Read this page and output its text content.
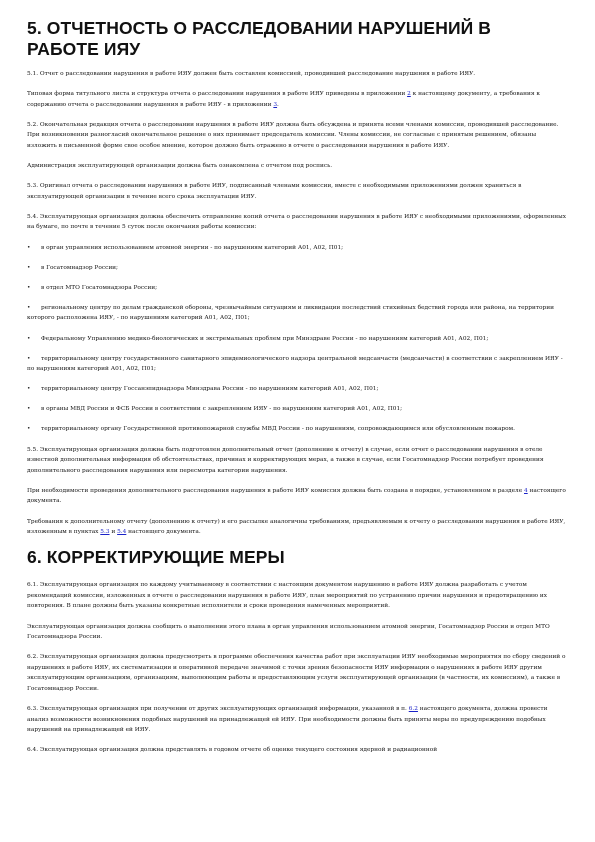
5. ОТЧЕТНОСТЬ О РАССЛЕДОВАНИИ НАРУШЕНИЙ В РАБОТЕ ИЯУ

5.1. Отчет о расследовании нарушения в работе ИЯУ должен быть составлен комиссией, проводившей расследование нарушения в работе ИЯУ.

Типовая форма титульного листа и структура отчета о расследовании нарушения в работе ИЯУ приведены в приложении 2 к настоящему документу, а требования к содержанию отчета о расследовании нарушения в работе ИЯУ - в приложении 3.

5.2. Окончательная редакция отчета о расследовании нарушения в работе ИЯУ должна быть обсуждена и принята всеми членами комиссии, проводившей расследование. При возникновении разногласий окончательное решение о них принимает председатель комиссии. Члены комиссии, не согласные с принятым решением, обязаны изложить в письменной форме свое особое мнение, которое должно быть отражено в отчете о расследовании нарушения в работе ИЯУ.

Администрация эксплуатирующей организации должна быть ознакомлена с отчетом под роспись.

5.3. Оригинал отчета о расследовании нарушения в работе ИЯУ, подписанный членами комиссии, вместе с необходимыми приложениями должен храниться в эксплуатирующей организации в течение всего срока эксплуатации ИЯУ.

5.4. Эксплуатирующая организация должна обеспечить отправление копий отчета о расследовании нарушения в работе ИЯУ с необходимыми приложениями, оформленных на бумаге, по почте в течение 5 суток после окончания работы комиссии:

• в орган управления использованием атомной энергии - по нарушениям категорий А01, А02, П01;

• в Госатомнадзор России;

• в отдел МТО Госатомнадзора России;

• региональному центру по делам гражданской обороны, чрезвычайным ситуациям и ликвидации последствий стихийных бедствий города или района, на территории которого расположена ИЯУ, - по нарушениям категорий А01, А02, П01;

• Федеральному Управлению медико-биологических и экстремальных проблем при Минздраве России - по нарушениям категорий А01, А02, П01;

• территориальному центру государственного санитарного эпидемиологического надзора центральной медсанчасти (медсанчасти) в соответствии с закреплением ИЯУ - по нарушениям категорий А01, А02, П01;

• территориальному центру Госсанэпиднадзора Минздрава России - по нарушениям категорий А01, А02, П01;

• в органы МВД России и ФСБ России в соответствии с закреплением ИЯУ - по нарушениям категорий А01, А02, П01;

• территориальному органу Государственной противопожарной службы МВД России - по нарушениям, сопровождающимся или обусловленным пожаром.

5.5. Эксплуатирующая организация должна быть подготовлен дополнительный отчет (дополнение к отчету) в случае, если отчет о расследовании нарушения в отеле известной дополнительная информация об обстоятельствах, причинах и корректирующих мерах, а также в случае, если Госатомнадзор России потребует проведения дополнительного расследования нарушения или пересмотра категории нарушения.

При необходимости проведения дополнительного расследования нарушения в работе ИЯУ комиссия должна быть создана в порядке, установленном в разделе 4 настоящего документа.

Требования к дополнительному отчету (дополнению к отчету) и его рассылке аналогичны требованиям, предъявляемым к отчету о расследовании нарушения в работе ИЯУ, изложенным в пунктах 5.3 и 5.4 настоящего документа.

6. КОРРЕКТИРУЮЩИЕ МЕРЫ

6.1. Эксплуатирующая организация по каждому учитываемому в соответствии с настоящим документом нарушению в работе ИЯУ должна разработать с учетом рекомендаций комиссии, изложенных в отчете о расследовании нарушения в работе ИЯУ, план мероприятий по устранению причин нарушения и предотвращению их повторения. В плане должны быть указаны конкретные исполнители и сроки проведения намеченных мероприятий.

Эксплуатирующая организация должна сообщить о выполнении этого плана в орган управления использованием атомной энергии, Госатомнадзор России и отдел МТО Госатомнадзора России.

6.2. Эксплуатирующая организация должна предусмотреть в программе обеспечения качества работ при эксплуатации ИЯУ необходимые мероприятия по сбору сведений о нарушениях в работе ИЯУ, их систематизации и оперативной передаче значимой с точки зрения безопасности ИЯУ информации о нарушениях в работе ИЯУ другим эксплуатирующим организациям, организациям, выполняющим работы и предоставляющим услуги эксплуатирующей организации (в частности, их комиссиям), а также в Госатомнадзор России.

6.3. Эксплуатирующая организация при получении от других эксплуатирующих организаций информации, указанной в п. 6.2 настоящего документа, должна провести анализ возможности возникновения подобных нарушений на принадлежащей ей ИЯУ. При необходимости должны быть приняты меры по предупреждению подобных нарушений на принадлежащей ей ИЯУ.

6.4. Эксплуатирующая организация должна представлять в годовом отчете об оценке текущего состояния ядерной и радиационной
